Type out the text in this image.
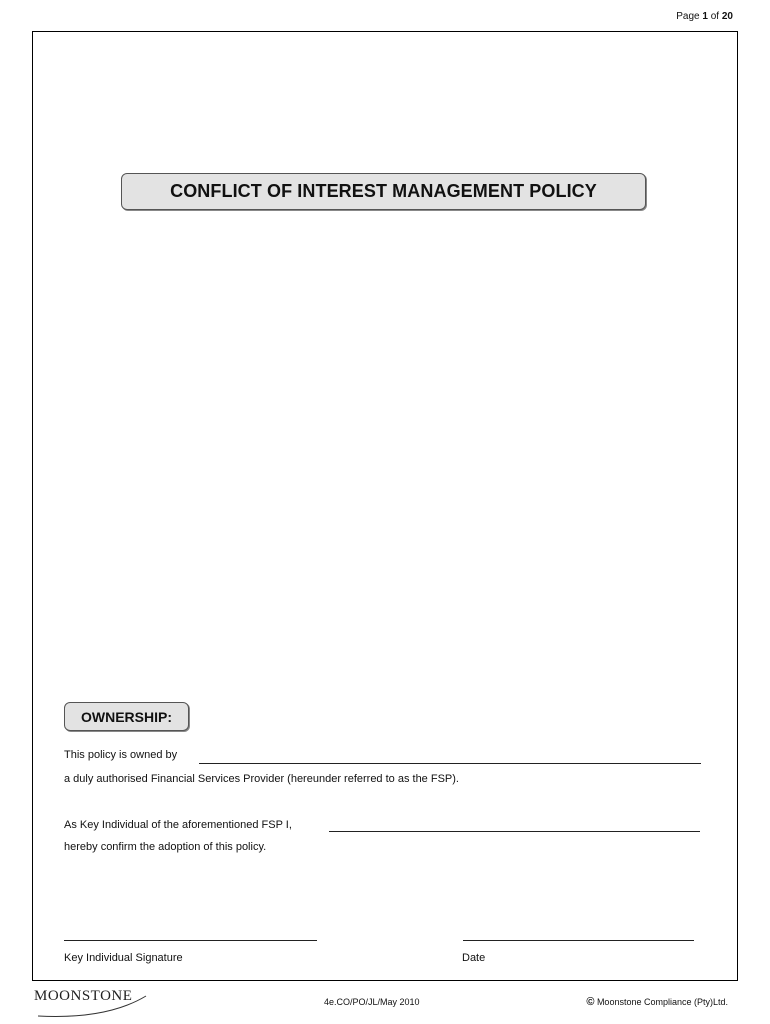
Page 1 of 20
CONFLICT OF INTEREST MANAGEMENT POLICY
OWNERSHIP:
This policy is owned by
a duly authorised Financial Services Provider (hereunder referred to as the FSP).
As Key Individual of the aforementioned FSP I,
hereby confirm the adoption of this policy.
Key Individual Signature	Date
MOONSTONE	4e.CO/PO/JL/May 2010	© Moonstone Compliance (Pty)Ltd.
